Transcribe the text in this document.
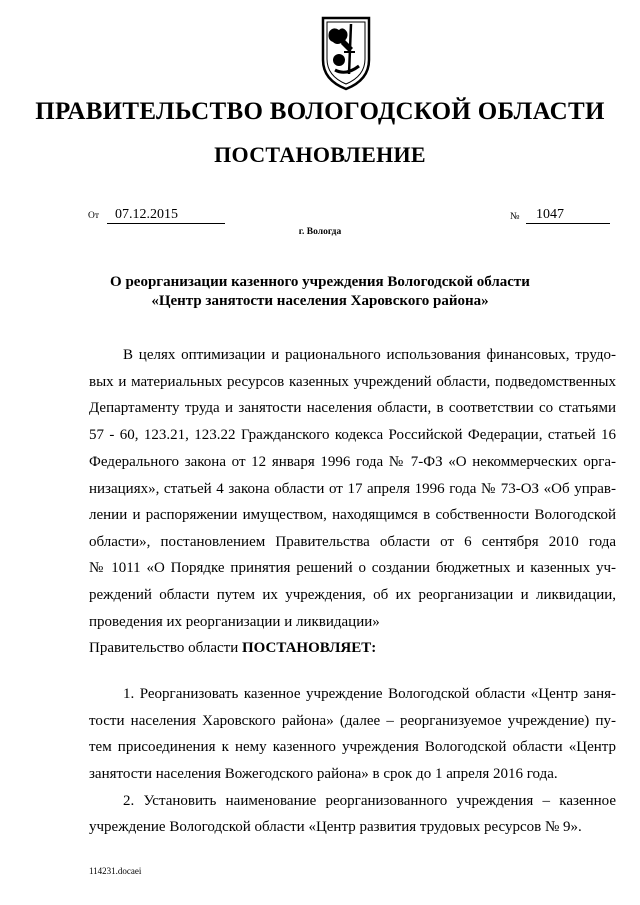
ПРАВИТЕЛЬСТВО ВОЛОГОДСКОЙ ОБЛАСТИ
ПОСТАНОВЛЕНИЕ
От	07.12.2015	№	1047
г. Вологда
О реорганизации казенного учреждения Вологодской области
«Центр занятости населения Харовского района»
В целях оптимизации и рационального использования финансовых, трудо-
вых и материальных ресурсов казенных учреждений области, подведомственных
Департаменту труда и занятости населения области, в соответствии со статьями
57 - 60, 123.21, 123.22 Гражданского кодекса Российской Федерации, статьей 16
Федерального закона от 12 января 1996 года № 7-ФЗ «О некоммерческих орга-
низациях», статьей 4 закона области от 17 апреля 1996 года № 73-ОЗ «Об управ-
лении и распоряжении имуществом, находящимся в собственности Вологодской
области», постановлением Правительства области от 6 сентября 2010 года
№ 1011 «О Порядке принятия решений о создании бюджетных и казенных уч-
реждений области путем их учреждения, об их реорганизации и ликвидации,
проведения их реорганизации и ликвидации»
Правительство области ПОСТАНОВЛЯЕТ:
1. Реорганизовать казенное учреждение Вологодской области «Центр заня-
тости населения Харовского района» (далее – реорганизуемое учреждение) пу-
тем присоединения к нему казенного учреждения Вологодской области «Центр
занятости населения Вожегодского района» в срок до 1 апреля 2016 года.
2. Установить наименование реорганизованного учреждения – казенное
учреждение Вологодской области «Центр развития трудовых ресурсов № 9».
114231.docaei
